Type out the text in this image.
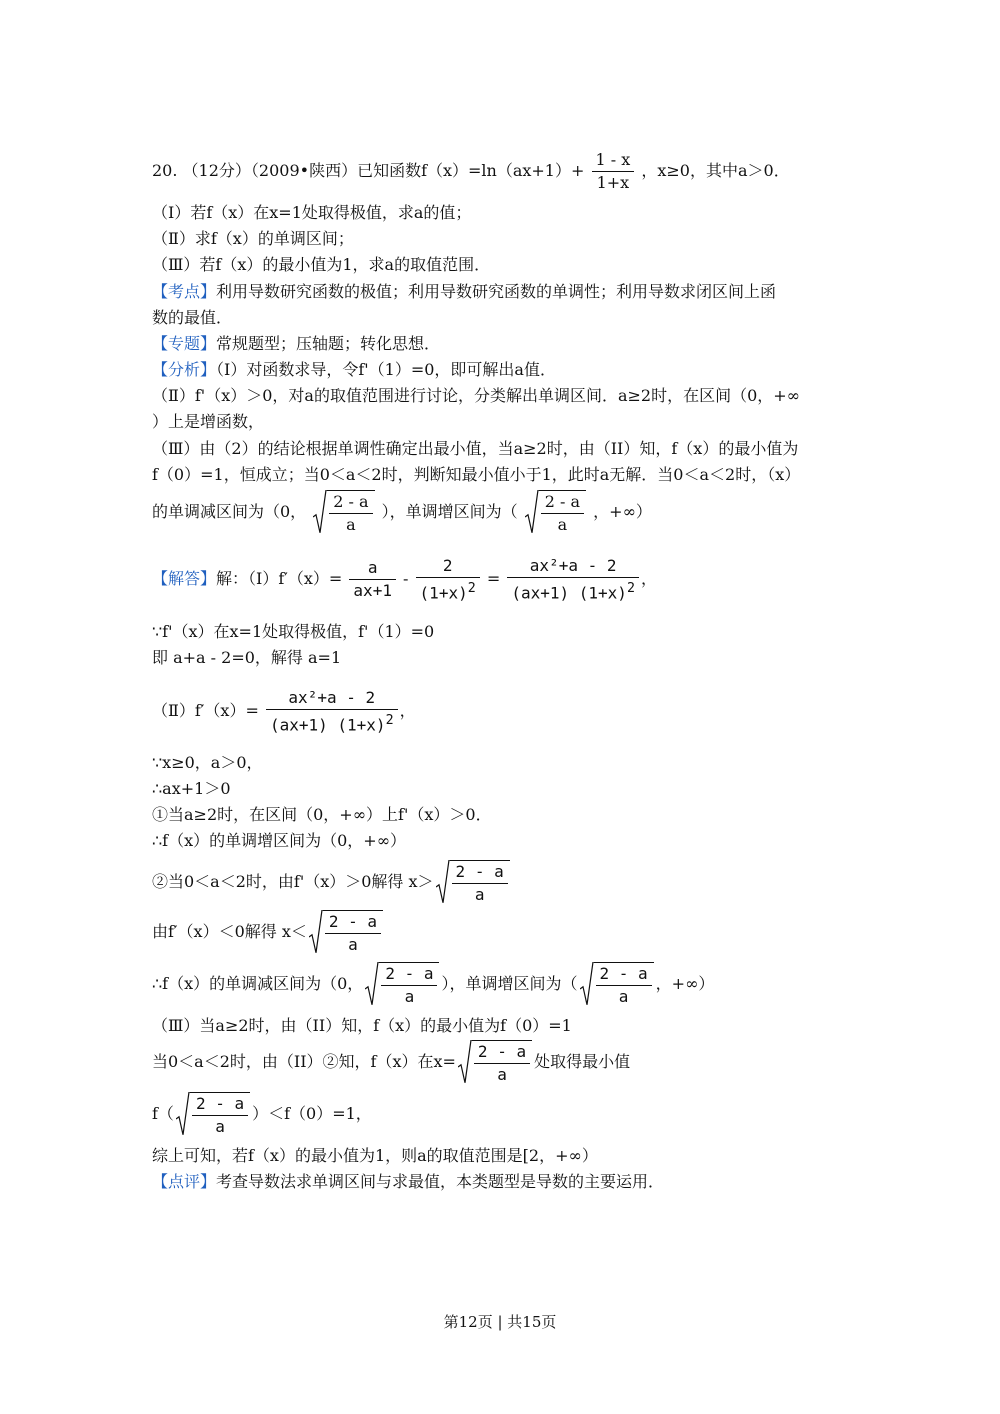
20. （12分）（2009•陕西）已知函数$f(x)=\ln(ax+1)+ \frac{1 - x}{1+x}$ ，x≥0，其中a＞0．
（Ⅰ）若f（x）在x=1处取得极值，求a的值；
（Ⅱ）求f（x）的单调区间；
（Ⅲ）若f（x）的最小值为1，求a的取值范围．
【考点】利用导数研究函数的极值；利用导数研究函数的单调性；利用导数求闭区间上函
数的最值．
【专题】常规题型；压轴题；转化思想．
【分析】（Ⅰ）对函数求导，令f'（1）=0，即可解出a值．
（Ⅱ）f'（x）＞0，对a的取值范围进行讨论，分类解出单调区间．a≥2时，在区间（0，+∞
）上是增函数，
（Ⅲ）由（2）的结论根据单调性确定出最小值，当a≥2时，由（II）知，f（x）的最小值为
f（0）=1，恒成立；当0＜a＜2时，判断知最小值小于1，此时a无解．当0＜a＜2时，（x）
的单调减区间为（0， $\frac{2 - a}{a}$ ），单调增区间为（ $\frac{2 - a}{a}$ ，+∞）
【解答】解：（Ⅰ）f′（x）= $\frac{a}{ax+1} - \frac{2}{(1+x)^2} = \frac{\text{ax²+a - 2}}{(ax+1) (1+x)^2}$ ，
∵f'（x）在x=1处取得极值，f'（1）=0
即 a+a - 2=0，解得 a=1
（Ⅱ）f′（x）= $\frac{\text{ax²+a - 2}}{(ax+1) (1+x)^2}$ ，
∵x≥0，a＞0，
∴ax+1＞0
①当a≥2时，在区间（0，+∞）上f'（x）＞0．
∴f（x）的单调增区间为（0，+∞）
②当0＜a＜2时，由f'（x）＞0解得 $x> \frac{2 - a}{a}$
由f′（x）＜0解得 $x< \frac{2 - a}{a}$
∴f（x）的单调减区间为（0， $\frac{2 - a}{a}$ ），单调增区间为（ $\frac{2 - a}{a}$ ，+∞）
（Ⅲ）当a≥2时，由（II）知，f（x）的最小值为f（0）=1
当0＜a＜2时，由（II）②知，f（x）在$x= \frac{2 - a}{a}$ 处取得最小值
$f( \frac{2 - a}{a} )<f(0)=1$，
综上可知，若f（x）的最小值为1，则a的取值范围是[2，+∞）
【点评】考查导数法求单调区间与求最值，本类题型是导数的主要运用．
第12页 | 共15页
